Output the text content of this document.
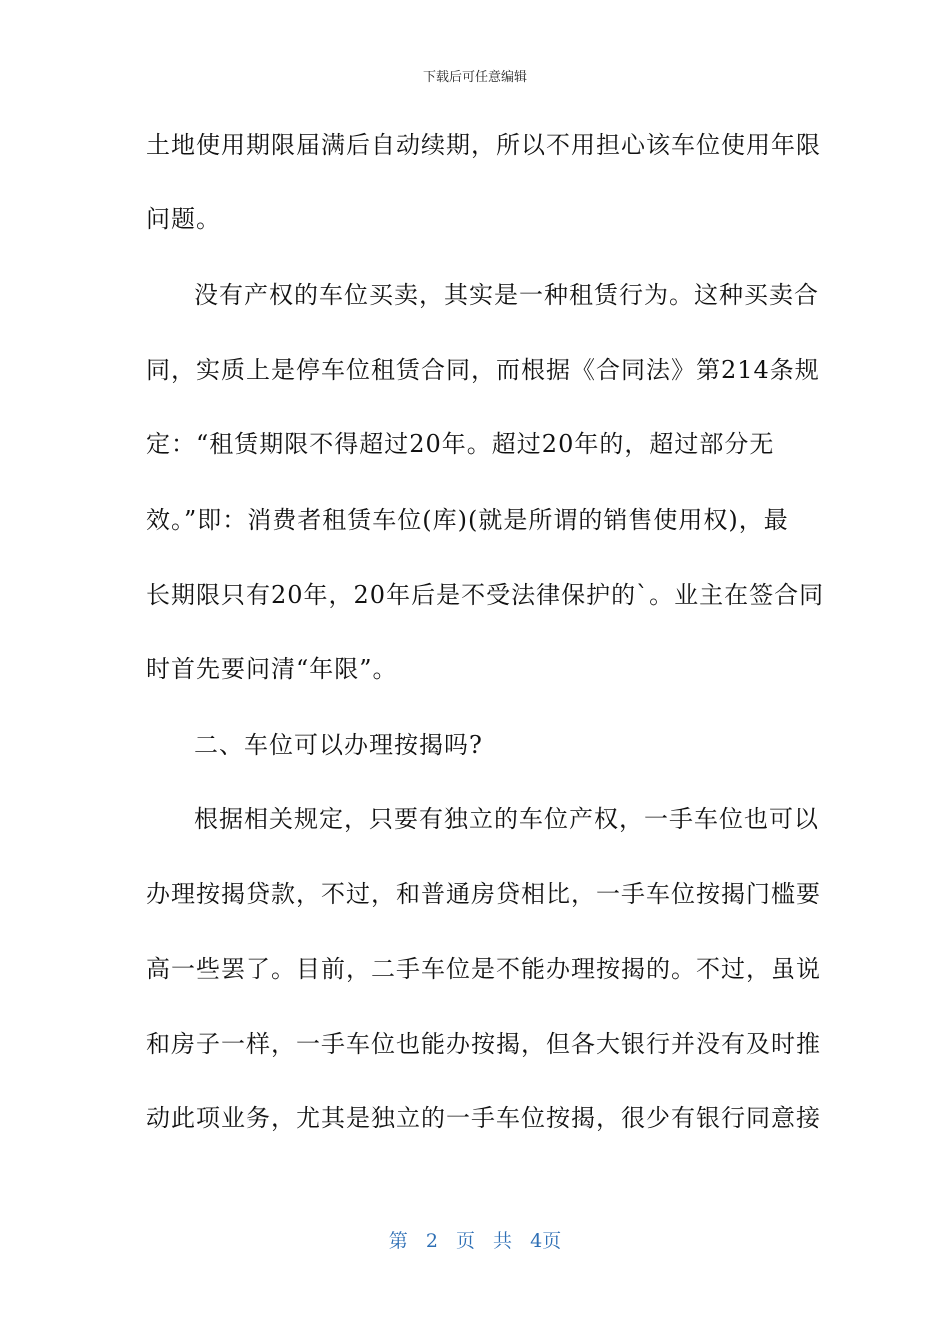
下载后可任意编辑
土地使用期限届满后自动续期，所以不用担心该车位使用年限
问题。
没有产权的车位买卖，其实是一种租赁行为。这种买卖合
同，实质上是停车位租赁合同，而根据《合同法》第214条规
定：“租赁期限不得超过20年。超过20年的，超过部分无
效。”即：消费者租赁车位(库)(就是所谓的销售使用权)，最
长期限只有20年，20年后是不受法律保护的`。业主在签合同
时首先要问清“年限”。
二、车位可以办理按揭吗?
根据相关规定，只要有独立的车位产权，一手车位也可以
办理按揭贷款，不过，和普通房贷相比，一手车位按揭门槛要
高一些罢了。目前，二手车位是不能办理按揭的。不过，虽说
和房子一样，一手车位也能办按揭，但各大银行并没有及时推
动此项业务，尤其是独立的一手车位按揭，很少有银行同意接
第 2 页 共 4页
